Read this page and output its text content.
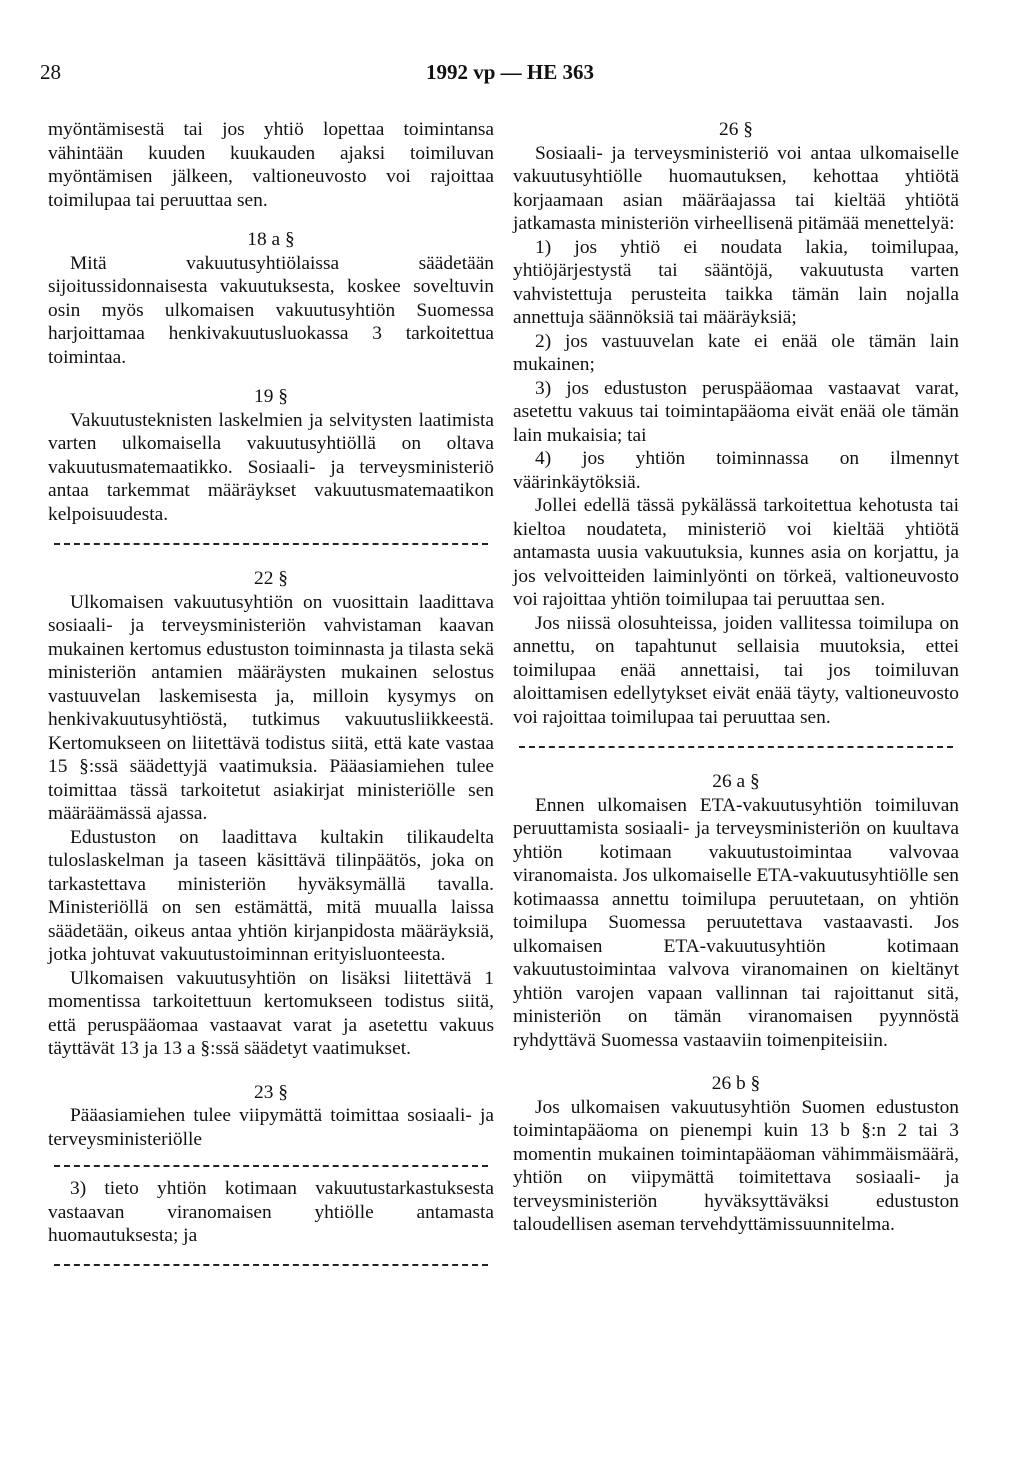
28	1992 vp — HE 363

myöntämisestä tai jos yhtiö lopettaa toimintansa vähintään kuuden kuukauden ajaksi toimiluvan myöntämisen jälkeen, valtioneuvosto voi rajoittaa toimilupaa tai peruuttaa sen.

18 a §

Mitä vakuutusyhtiölaissa säädetään sijoitussidonnaisesta vakuutuksesta, koskee soveltuvin osin myös ulkomaisen vakuutusyhtiön Suomessa harjoittamaa henkivakuutusluokassa 3 tarkoitettua toimintaa.

19 §

Vakuutusteknisten laskelmien ja selvitysten laatimista varten ulkomaisella vakuutusyhtiöllä on oltava vakuutusmatemaatikko. Sosiaali- ja terveysministeriö antaa tarkemmat määräykset vakuutusmatemaatikon kelpoisuudesta.

22 §

Ulkomaisen vakuutusyhtiön on vuosittain laadittava sosiaali- ja terveysministeriön vahvistaman kaavan mukainen kertomus edustuston toiminnasta ja tilasta sekä ministeriön antamien määräysten mukainen selostus vastuuvelan laskemisesta ja, milloin kysymys on henkivakuutusyhtiöstä, tutkimus vakuutusliikkeestä. Kertomukseen on liitettävä todistus siitä, että kate vastaa 15 §:ssä säädettyjä vaatimuksia. Pääasiamiehen tulee toimittaa tässä tarkoitetut asiakirjat ministeriölle sen määräämässä ajassa.

Edustuston on laadittava kultakin tilikaudelta tuloslaskelman ja taseen käsittävä tilinpäätös, joka on tarkastettava ministeriön hyväksymällä tavalla. Ministeriöllä on sen estämättä, mitä muualla laissa säädetään, oikeus antaa yhtiön kirjanpidosta määräyksiä, jotka johtuvat vakuutustoiminnan erityisluonteesta.

Ulkomaisen vakuutusyhtiön on lisäksi liitettävä 1 momentissa tarkoitettuun kertomukseen todistus siitä, että peruspääomaa vastaavat varat ja asetettu vakuus täyttävät 13 ja 13 a §:ssä säädetyt vaatimukset.

23 §

Pääasiamiehen tulee viipymättä toimittaa sosiaali- ja terveysministeriölle

3) tieto yhtiön kotimaan vakuutustarkastuksesta vastaavan viranomaisen yhtiölle antamasta huomautuksesta; ja

26 §

Sosiaali- ja terveysministeriö voi antaa ulkomaiselle vakuutusyhtiölle huomautuksen, kehottaa yhtiötä korjaamaan asian määräajassa tai kieltää yhtiötä jatkamasta ministeriön virheellisenä pitämää menettelyä:

1) jos yhtiö ei noudata lakia, toimilupaa, yhtiöjärjestystä tai sääntöjä, vakuutusta varten vahvistettuja perusteita taikka tämän lain nojalla annettuja säännöksiä tai määräyksiä;

2) jos vastuuvelan kate ei enää ole tämän lain mukainen;

3) jos edustuston peruspääomaa vastaavat varat, asetettu vakuus tai toimintapääoma eivät enää ole tämän lain mukaisia; tai

4) jos yhtiön toiminnassa on ilmennyt väärinkäytöksiä.

Jollei edellä tässä pykälässä tarkoitettua kehotusta tai kieltoa noudateta, ministeriö voi kieltää yhtiötä antamasta uusia vakuutuksia, kunnes asia on korjattu, ja jos velvoitteiden laiminlyönti on törkeä, valtioneuvosto voi rajoittaa yhtiön toimilupaa tai peruuttaa sen.

Jos niissä olosuhteissa, joiden vallitessa toimilupa on annettu, on tapahtunut sellaisia muutoksia, ettei toimilupaa enää annettaisi, tai jos toimiluvan aloittamisen edellytykset eivät enää täyty, valtioneuvosto voi rajoittaa toimilupaa tai peruuttaa sen.

26 a §

Ennen ulkomaisen ETA-vakuutusyhtiön toimiluvan peruuttamista sosiaali- ja terveysministeriön on kuultava yhtiön kotimaan vakuutustoimintaa valvovaa viranomaista. Jos ulkomaiselle ETA-vakuutusyhtiölle sen kotimaassa annettu toimilupa peruutetaan, on yhtiön toimilupa Suomessa peruutettava vastaavasti. Jos ulkomaisen ETA-vakuutusyhtiön kotimaan vakuutustoimintaa valvova viranomainen on kieltänyt yhtiön varojen vapaan vallinnan tai rajoittanut sitä, ministeriön on tämän viranomaisen pyynnöstä ryhdyttävä Suomessa vastaaviin toimenpiteisiin.

26 b §

Jos ulkomaisen vakuutusyhtiön Suomen edustuston toimintapääoma on pienempi kuin 13 b §:n 2 tai 3 momentin mukainen toimintapääoman vähimmäismäärä, yhtiön on viipymättä toimitettava sosiaali- ja terveysministeriön hyväksyttäväksi edustuston taloudellisen aseman tervehdyttämissuunnitelma.
